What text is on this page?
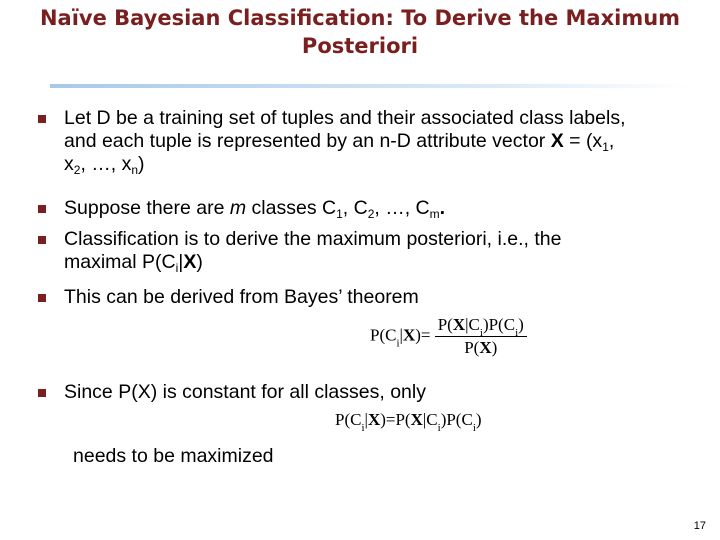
Naïve Bayesian Classification: To Derive the Maximum
Posteriori
Let D be a training set of tuples and their associated class labels,
and each tuple is represented by an n-D attribute vector $X = (x_1$,
$x_2$, …, $x_n$)
Suppose there are m classes $C_1$, $C_2$, …, $C_m$.
Classification is to derive the maximum posteriori, i.e., the
maximal $P(C_i|X)$
This can be derived from Bayes’ theorem
$P(C_i|X)= \frac{P(X|C_i)P(C_i)}{P(X)}$
Since P(X) is constant for all classes, only
$P(C_i|X)=P(X|C_i)P(C_i)$
needs to be maximized
17
